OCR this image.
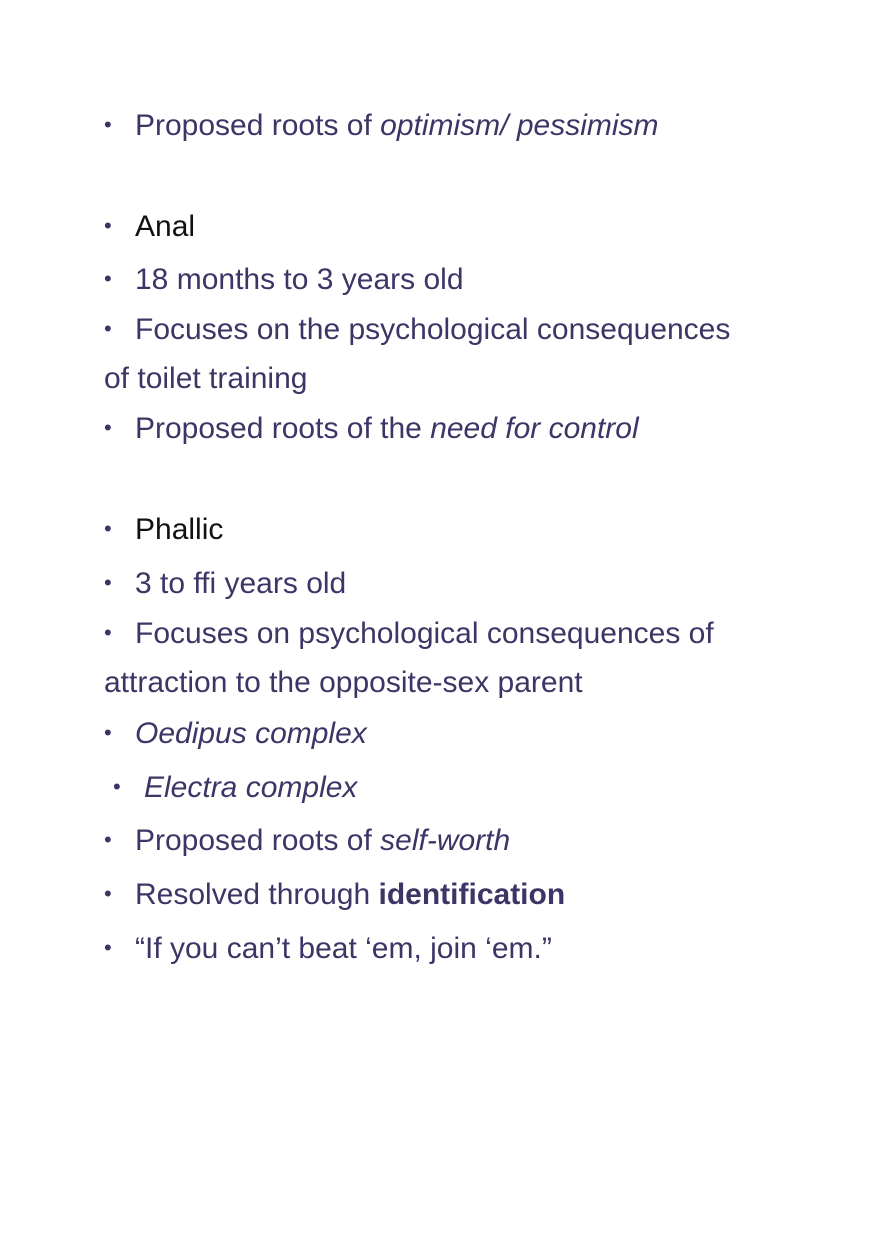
• Proposed roots of optimism/ pessimism
• Anal
• 18 months to 3 years old
• Focuses on the psychological consequences
of toilet training
• Proposed roots of the need for control
• Phallic
• 3 to ffi years old
• Focuses on psychological consequences of
attraction to the opposite-sex parent
• Oedipus complex
• Electra complex
• Proposed roots of self-worth
• Resolved through identification
• “If you can’t beat ‘em, join ‘em.”
